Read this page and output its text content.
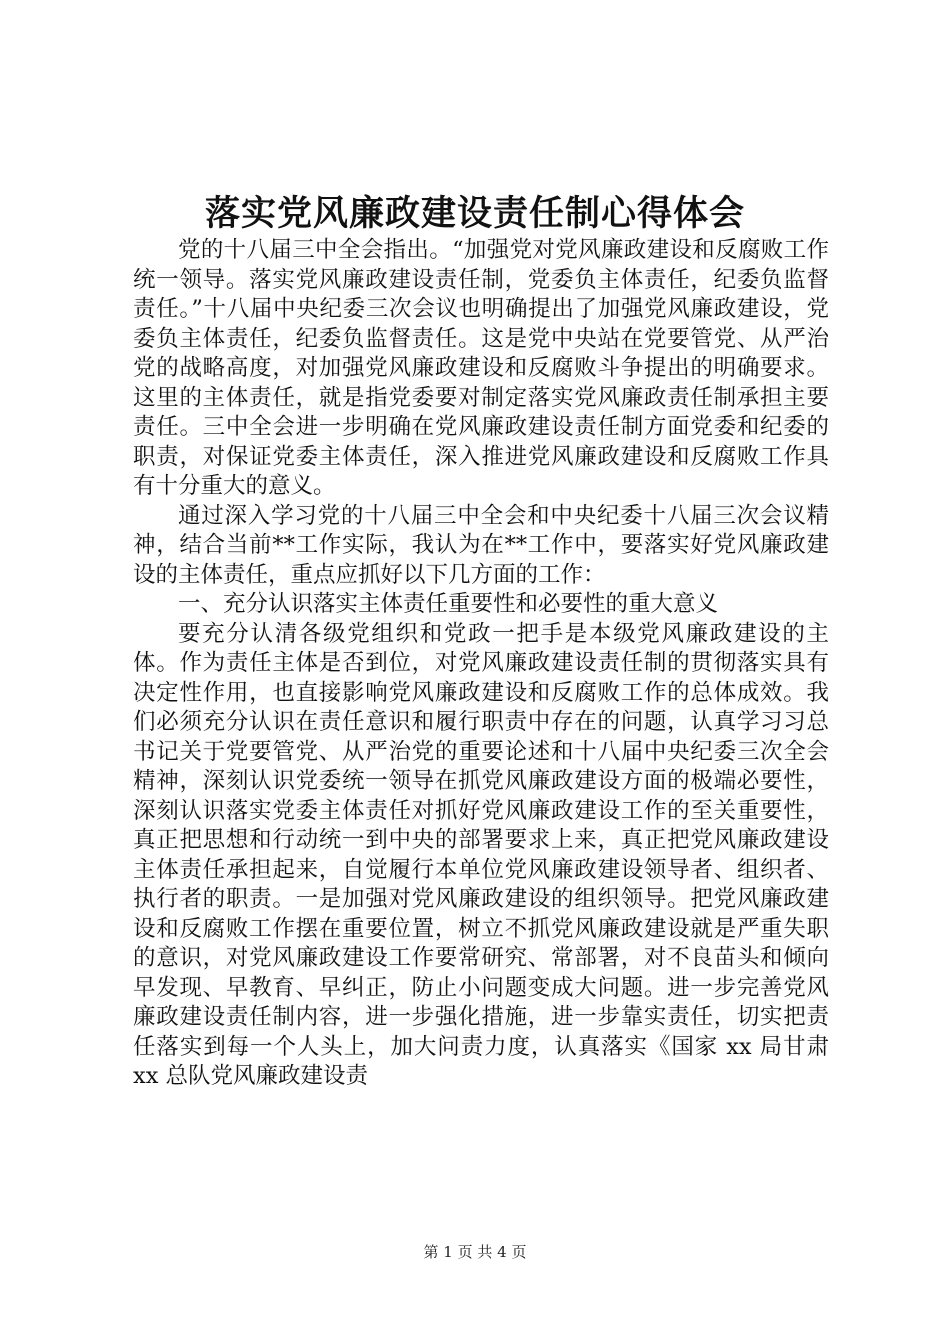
落实党风廉政建设责任制心得体会

党的十八届三中全会指出。“加强党对党风廉政建设和反腐败工作统一领导。落实党风廉政建设责任制，党委负主体责任，纪委负监督责任。”十八届中央纪委三次会议也明确提出了加强党风廉政建设，党委负主体责任，纪委负监督责任。这是党中央站在党要管党、从严治党的战略高度，对加强党风廉政建设和反腐败斗争提出的明确要求。这里的主体责任，就是指党委要对制定落实党风廉政责任制承担主要责任。三中全会进一步明确在党风廉政建设责任制方面党委和纪委的职责，对保证党委主体责任，深入推进党风廉政建设和反腐败工作具有十分重大的意义。

通过深入学习党的十八届三中全会和中央纪委十八届三次会议精神，结合当前**工作实际，我认为在**工作中，要落实好党风廉政建设的主体责任，重点应抓好以下几方面的工作：

一、充分认识落实主体责任重要性和必要性的重大意义

要充分认清各级党组织和党政一把手是本级党风廉政建设的主体。作为责任主体是否到位，对党风廉政建设责任制的贯彻落实具有决定性作用，也直接影响党风廉政建设和反腐败工作的总体成效。我们必须充分认识在责任意识和履行职责中存在的问题，认真学习习总书记关于党要管党、从严治党的重要论述和十八届中央纪委三次全会精神，深刻认识党委统一领导在抓党风廉政建设方面的极端必要性，深刻认识落实党委主体责任对抓好党风廉政建设工作的至关重要性，真正把思想和行动统一到中央的部署要求上来，真正把党风廉政建设主体责任承担起来，自觉履行本单位党风廉政建设领导者、组织者、执行者的职责。一是加强对党风廉政建设的组织领导。把党风廉政建设和反腐败工作摆在重要位置，树立不抓党风廉政建设就是严重失职的意识，对党风廉政建设工作要常研究、常部署，对不良苗头和倾向早发现、早教育、早纠正，防止小问题变成大问题。进一步完善党风廉政建设责任制内容，进一步强化措施，进一步靠实责任，切实把责任落实到每一个人头上，加大问责力度，认真落实《国家 xx 局甘肃 xx 总队党风廉政建设责

第 1 页 共 4 页
